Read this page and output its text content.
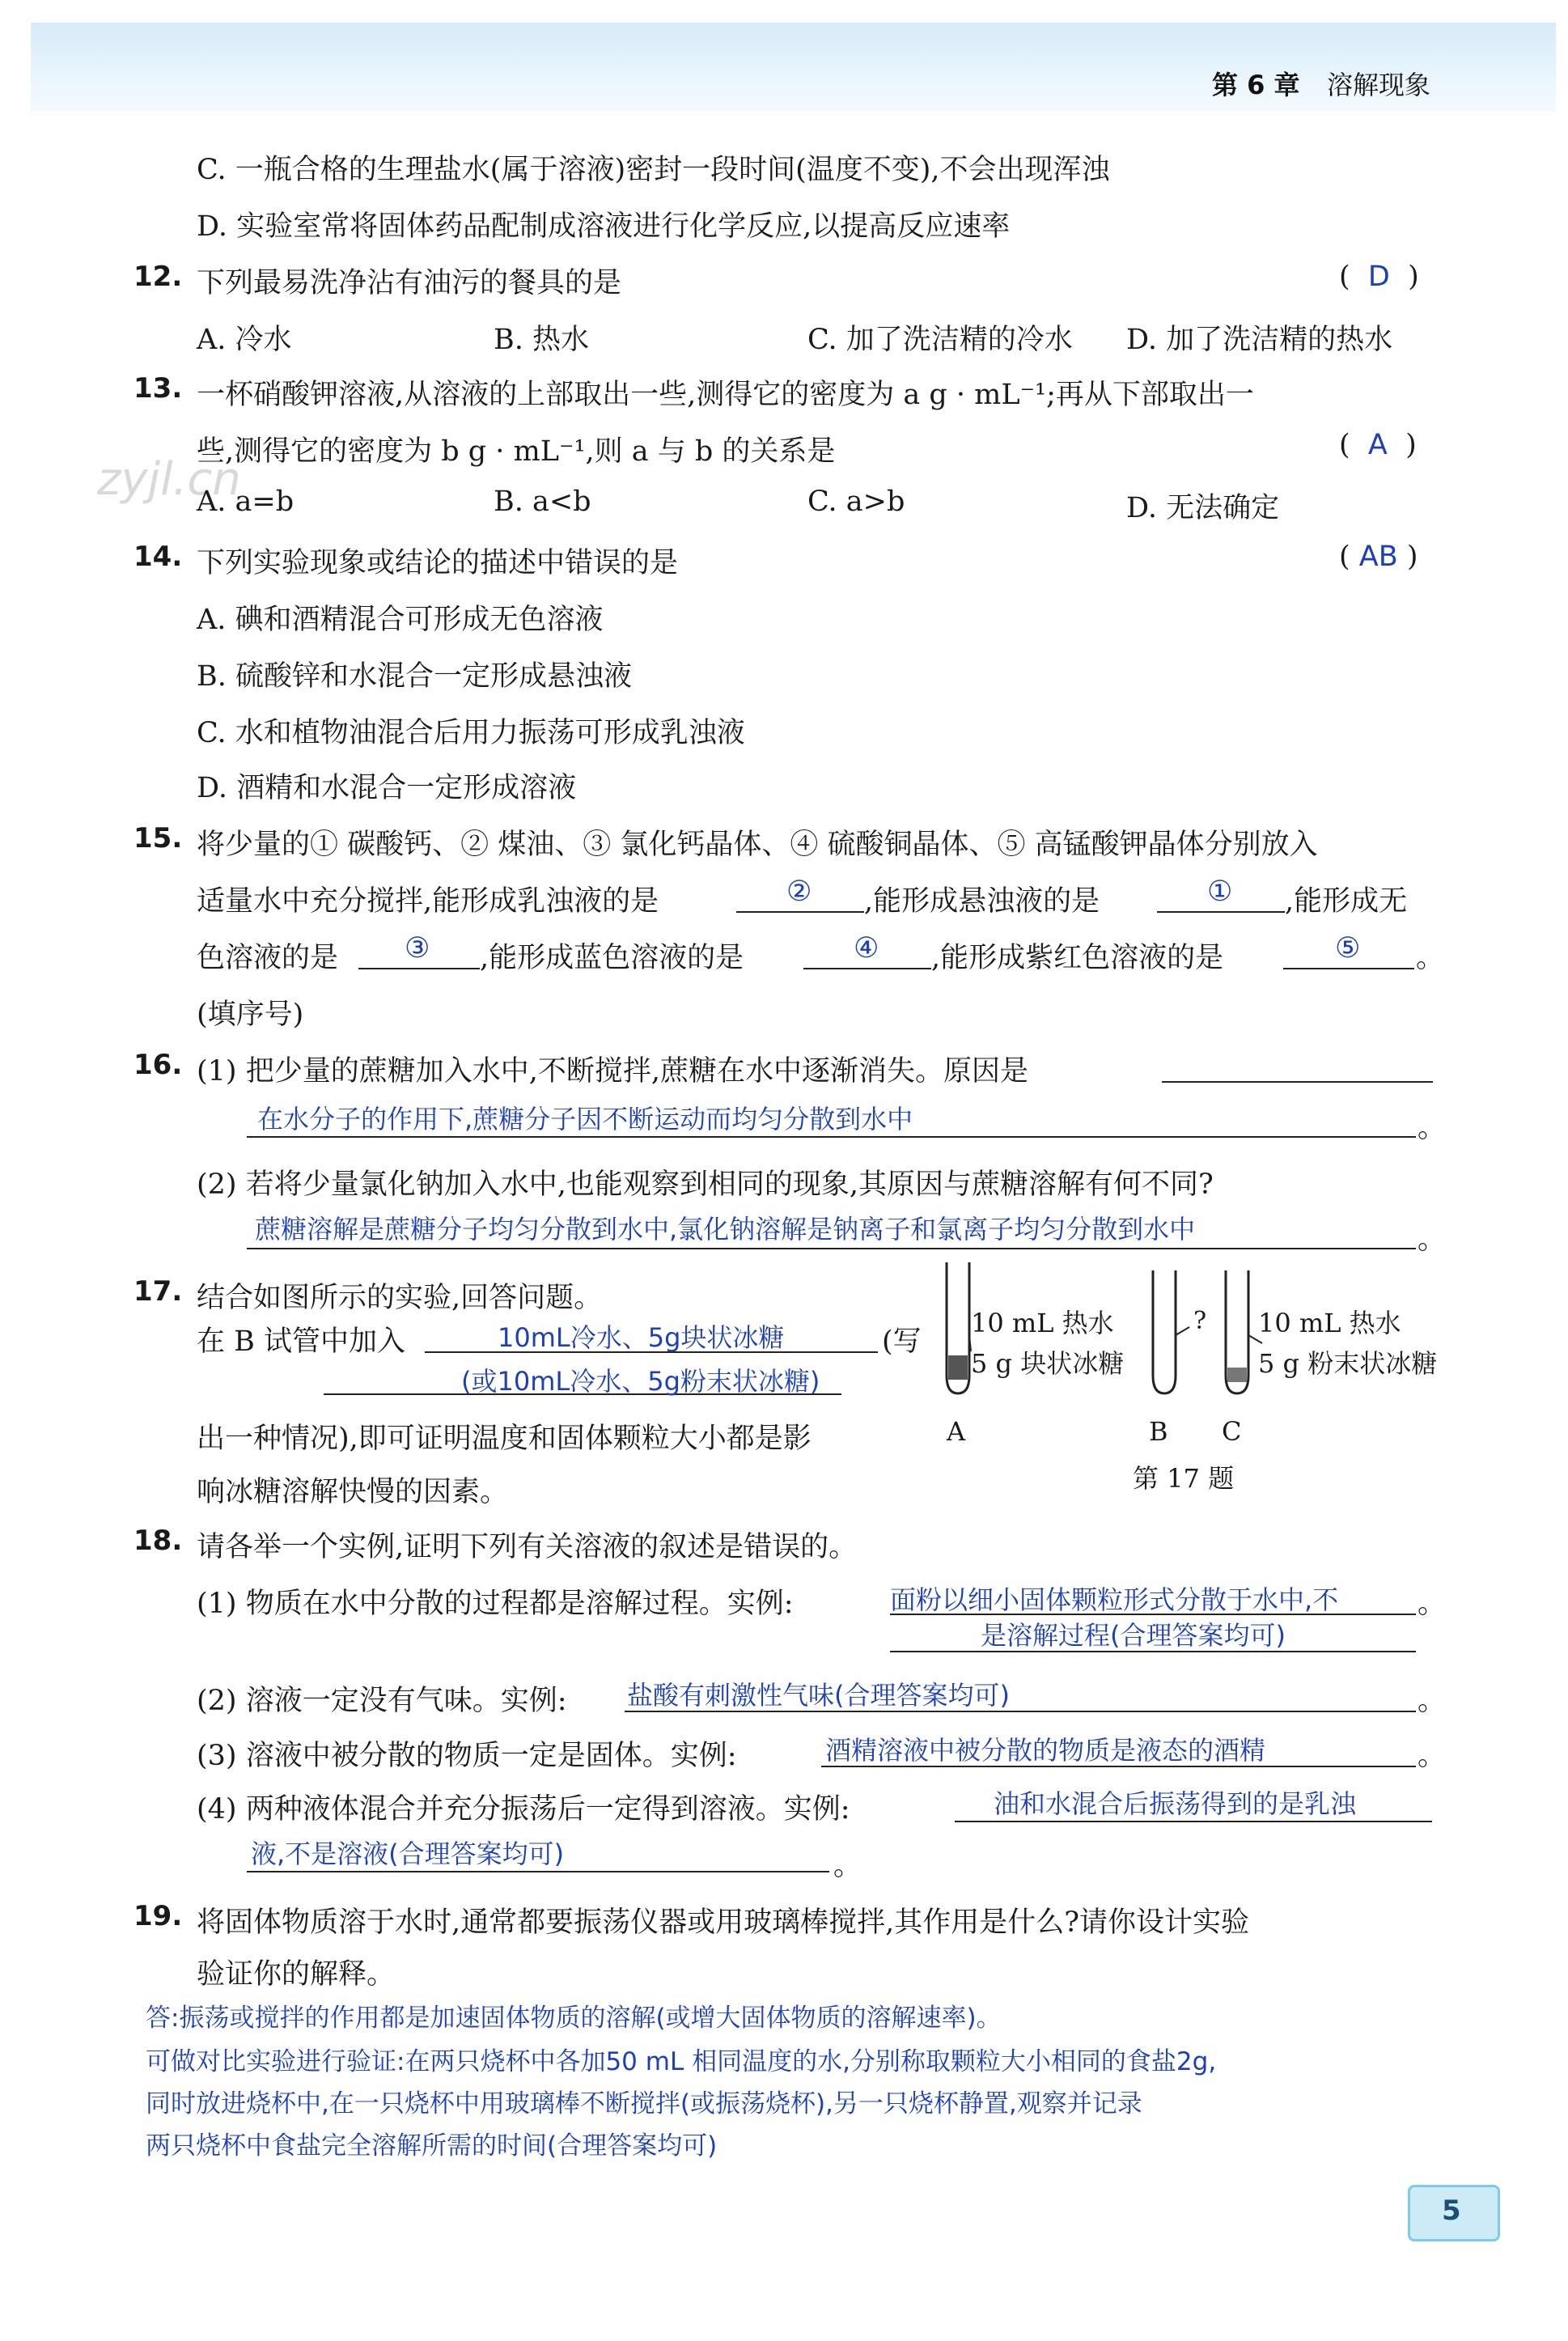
第 6 章 溶解现象
zyjl.cn
C. 一瓶合格的生理盐水(属于溶液)密封一段时间(温度不变),不会出现浑浊
D. 实验室常将固体药品配制成溶液进行化学反应,以提高反应速率
12. 下列最易洗净沾有油污的餐具的是	(  D  )
A. 冷水	B. 热水	C. 加了洗洁精的冷水 D. 加了洗洁精的热水
13. 一杯硝酸钾溶液,从溶液的上部取出一些,测得它的密度为 a g · mL⁻¹;再从下部取出一
些,测得它的密度为 b g · mL⁻¹,则 a 与 b 的关系是	(  A  )
A. a=b	B. a<b	C. a>b	D. 无法确定
14. 下列实验现象或结论的描述中错误的是	( AB )
A. 碘和酒精混合可形成无色溶液
B. 硫酸锌和水混合一定形成悬浊液
C. 水和植物油混合后用力振荡可形成乳浊液
D. 酒精和水混合一定形成溶液
15. 将少量的① 碳酸钙、② 煤油、③ 氯化钙晶体、④ 硫酸铜晶体、⑤ 高锰酸钾晶体分别放入
适量水中充分搅拌,能形成乳浊液的是	② ,能形成悬浊液的是	① ,能形成无
色溶液的是 ③ ,能形成蓝色溶液的是	④ ,能形成紫红色溶液的是	⑤ 。
(填序号)
16. (1) 把少量的蔗糖加入水中,不断搅拌,蔗糖在水中逐渐消失。原因是
在水分子的作用下,蔗糖分子因不断运动而均匀分散到水中	。
(2) 若将少量氯化钠加入水中,也能观察到相同的现象,其原因与蔗糖溶解有何不同?
蔗糖溶解是蔗糖分子均匀分散到水中,氯化钠溶解是钠离子和氯离子均匀分散到水中	。
17. 结合如图所示的实验,回答问题。
在 B 试管中加入	10mL冷水、5g块状冰糖	(写
(或10mL冷水、5g粉末状冰糖)
出一种情况),即可证明温度和固体颗粒大小都是影
响冰糖溶解快慢的因素。
10 mL 热水
5 g 块状冰糖
? 10 mL 热水
5 g 粉末状冰糖
A	B C
第 17 题
18. 请各举一个实例,证明下列有关溶液的叙述是错误的。
(1) 物质在水中分散的过程都是溶解过程。实例:	面粉以细小固体颗粒形式分散于水中,不	。
是溶解过程(合理答案均可)
(2) 溶液一定没有气味。实例: 盐酸有刺激性气味(合理答案均可)	。
(3) 溶液中被分散的物质一定是固体。实例:	酒精溶液中被分散的物质是液态的酒精	。
(4) 两种液体混合并充分振荡后一定得到溶液。实例:	油和水混合后振荡得到的是乳浊
液,不是溶液(合理答案均可)	。
19. 将固体物质溶于水时,通常都要振荡仪器或用玻璃棒搅拌,其作用是什么?请你设计实验
验证你的解释。
答:振荡或搅拌的作用都是加速固体物质的溶解(或增大固体物质的溶解速率)。
可做对比实验进行验证:在两只烧杯中各加50 mL 相同温度的水,分别称取颗粒大小相同的食盐2g,
同时放进烧杯中,在一只烧杯中用玻璃棒不断搅拌(或振荡烧杯),另一只烧杯静置,观察并记录
两只烧杯中食盐完全溶解所需的时间(合理答案均可)
5
